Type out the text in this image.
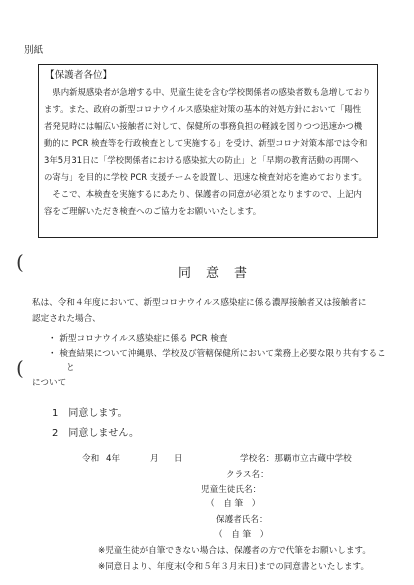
別紙
【保護者各位】
　県内新規感染者が急増する中、児童生徒を含む学校関係者の感染者数も急増しており
ます。また、政府の新型コロナウイルス感染症対策の基本的対処方針において「陽性
者発見時には幅広い接触者に対して、保健所の事務負担の軽減を図りつつ迅速かつ機
動的に PCR 検査等を行政検査として実施する」を受け、新型コロナ対策本部では令和
3年5月31日に「学校関係者における感染拡大の防止」と「早期の教育活動の再開へ
の寄与」を目的に学校 PCR 支援チームを設置し、迅速な検査対応を進めております。
　そこで、本検査を実施するにあたり、保護者の同意が必須となりますので、上記内
容をご理解いただき検査へのご協力をお願いいたします。
(
(
同　意　書
私は、令和４年度において、新型コロナウイルス感染症に係る濃厚接触者又は接触者に
認定された場合、
・ 新型コロナウイルス感染症に係る PCR 検査
・ 検査結果について沖縄県、学校及び管轄保健所において業務上必要な限り共有するこ
と
について
1　同意します。
2　同意しません。
令和 4年	月 日	学校名：那覇市立古蔵中学校
クラス名：
児童生徒氏名：
（　自 筆　）
保護者氏名：
（　自 筆　）
※児童生徒が自筆できない場合は、保護者の方で代筆をお願いします。
※同意日より、年度末(令和５年３月末日)までの同意書といたします。
